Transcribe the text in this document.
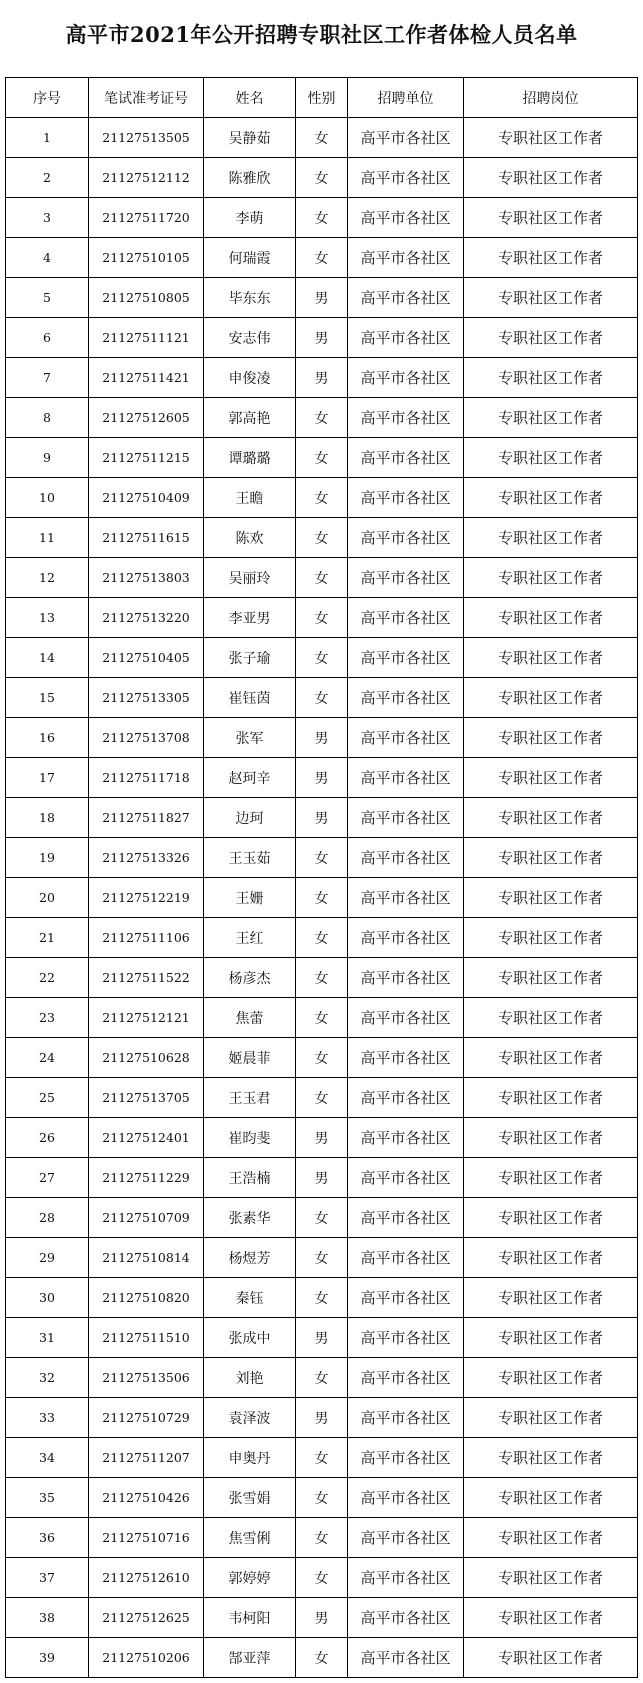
高平市2021年公开招聘专职社区工作者体检人员名单
序号	笔试准考证号	姓名	性别	招聘单位	招聘岗位
1	21127513505	吴静茹	女	高平市各社区	专职社区工作者
2	21127512112	陈雅欣	女	高平市各社区	专职社区工作者
3	21127511720	李萌	女	高平市各社区	专职社区工作者
4	21127510105	何瑞霞	女	高平市各社区	专职社区工作者
5	21127510805	毕东东	男	高平市各社区	专职社区工作者
6	21127511121	安志伟	男	高平市各社区	专职社区工作者
7	21127511421	申俊凌	男	高平市各社区	专职社区工作者
8	21127512605	郭高艳	女	高平市各社区	专职社区工作者
9	21127511215	谭璐璐	女	高平市各社区	专职社区工作者
10	21127510409	王瞻	女	高平市各社区	专职社区工作者
11	21127511615	陈欢	女	高平市各社区	专职社区工作者
12	21127513803	吴丽玲	女	高平市各社区	专职社区工作者
13	21127513220	李亚男	女	高平市各社区	专职社区工作者
14	21127510405	张子瑜	女	高平市各社区	专职社区工作者
15	21127513305	崔钰茵	女	高平市各社区	专职社区工作者
16	21127513708	张军	男	高平市各社区	专职社区工作者
17	21127511718	赵珂辛	男	高平市各社区	专职社区工作者
18	21127511827	边珂	男	高平市各社区	专职社区工作者
19	21127513326	王玉茹	女	高平市各社区	专职社区工作者
20	21127512219	王姗	女	高平市各社区	专职社区工作者
21	21127511106	王红	女	高平市各社区	专职社区工作者
22	21127511522	杨彦杰	女	高平市各社区	专职社区工作者
23	21127512121	焦蕾	女	高平市各社区	专职社区工作者
24	21127510628	姬晨菲	女	高平市各社区	专职社区工作者
25	21127513705	王玉君	女	高平市各社区	专职社区工作者
26	21127512401	崔昀斐	男	高平市各社区	专职社区工作者
27	21127511229	王浩楠	男	高平市各社区	专职社区工作者
28	21127510709	张素华	女	高平市各社区	专职社区工作者
29	21127510814	杨煜芳	女	高平市各社区	专职社区工作者
30	21127510820	秦钰	女	高平市各社区	专职社区工作者
31	21127511510	张成中	男	高平市各社区	专职社区工作者
32	21127513506	刘艳	女	高平市各社区	专职社区工作者
33	21127510729	袁泽波	男	高平市各社区	专职社区工作者
34	21127511207	申奥丹	女	高平市各社区	专职社区工作者
35	21127510426	张雪娟	女	高平市各社区	专职社区工作者
36	21127510716	焦雪俐	女	高平市各社区	专职社区工作者
37	21127512610	郭婷婷	女	高平市各社区	专职社区工作者
38	21127512625	韦柯阳	男	高平市各社区	专职社区工作者
39	21127510206	郜亚萍	女	高平市各社区	专职社区工作者
